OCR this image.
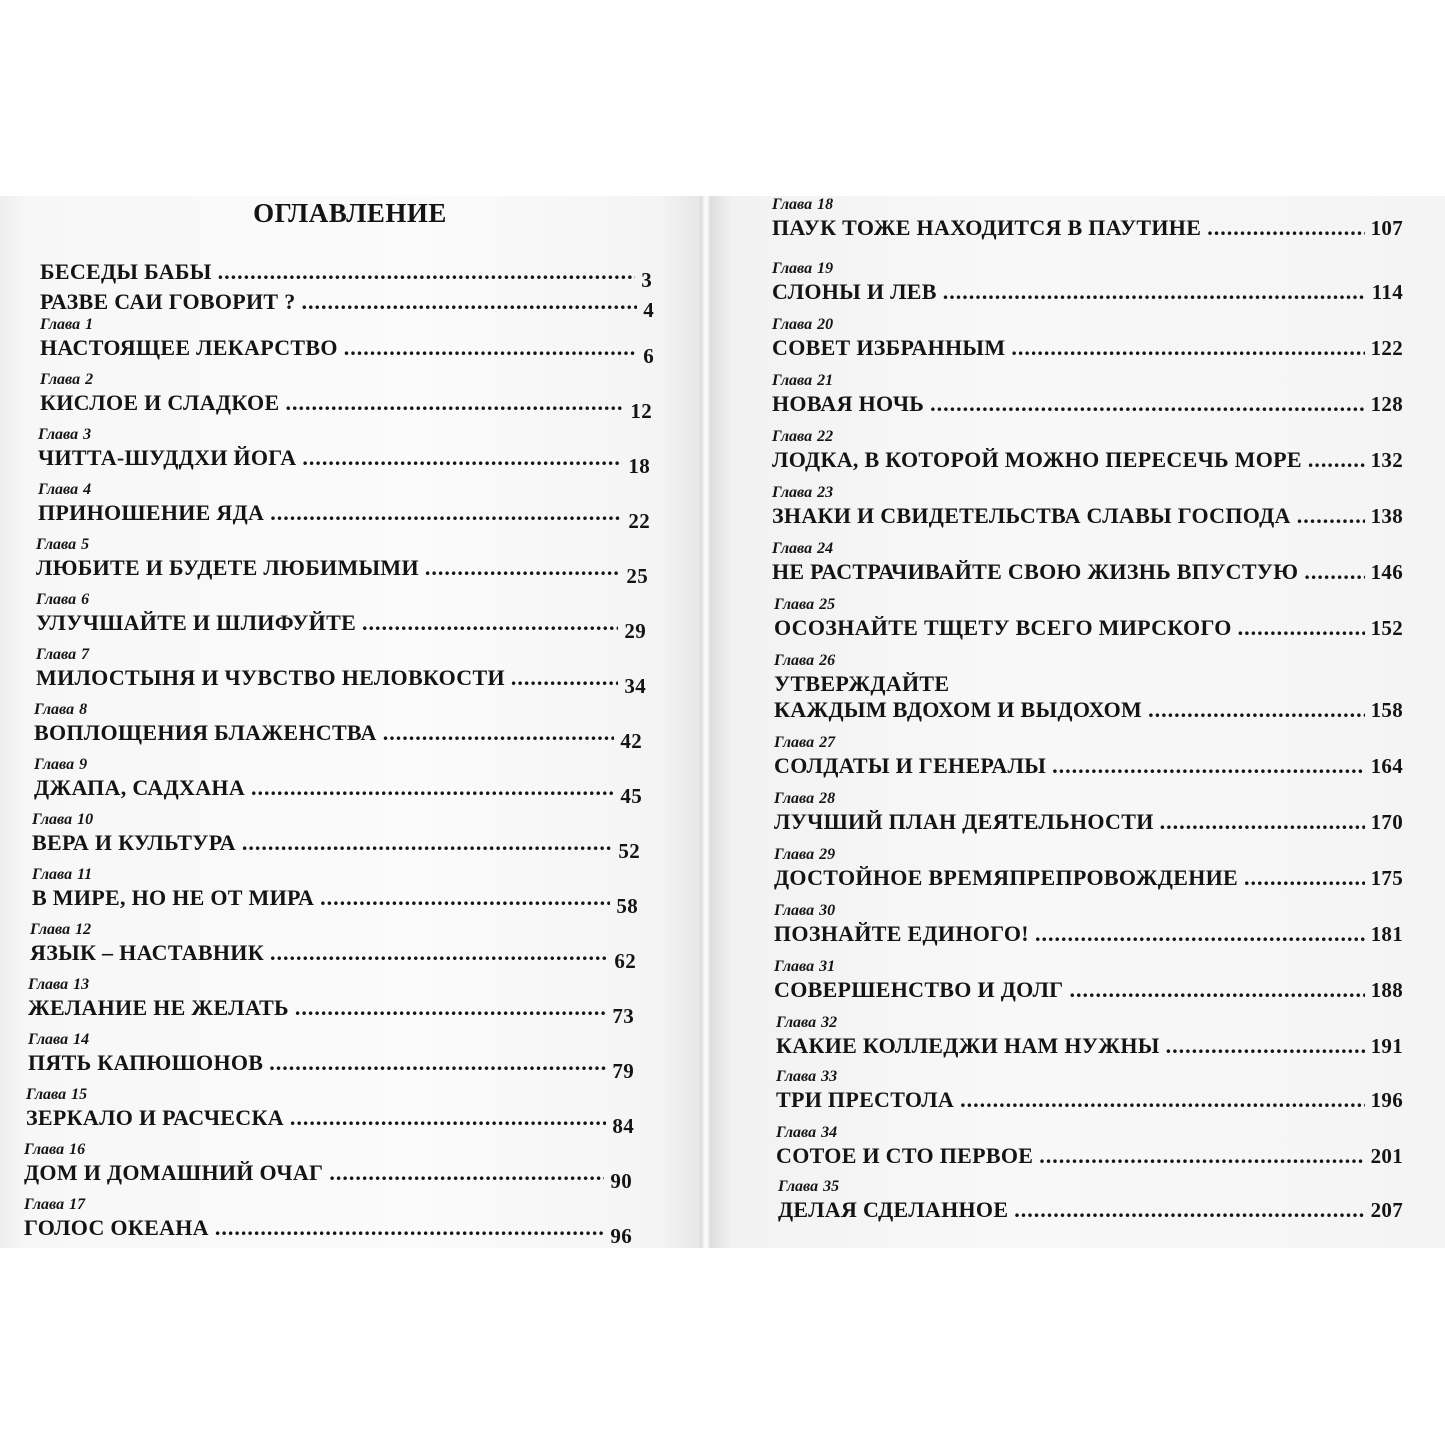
ОГЛАВЛЕНИЕ
БЕСЕДЫ БАБЫ .....	3
РАЗВЕ САИ ГОВОРИТ ? .....	4
Глава 1
НАСТОЯЩЕЕ ЛЕКАРСТВО .....	6
Глава 2
КИСЛОЕ И СЛАДКОЕ .....	12
Глава 3
ЧИТТА-ШУДДХИ ЙОГА .....	18
Глава 4
ПРИНОШЕНИЕ ЯДА .....	22
Глава 5
ЛЮБИТЕ И БУДЕТЕ ЛЮБИМЫМИ .....	25
Глава 6
УЛУЧШАЙТЕ И ШЛИФУЙТЕ .....	29
Глава 7
МИЛОСТЫНЯ И ЧУВСТВО НЕЛОВКОСТИ .....	34
Глава 8
ВОПЛОЩЕНИЯ БЛАЖЕНСТВА .....	42
Глава 9
ДЖАПА, САДХАНА .....	45
Глава 10
ВЕРА И КУЛЬТУРА .....	52
Глава 11
В МИРЕ, НО НЕ ОТ МИРА .....	58
Глава 12
ЯЗЫК – НАСТАВНИК .....	62
Глава 13
ЖЕЛАНИЕ НЕ ЖЕЛАТЬ .....	73
Глава 14
ПЯТЬ КАПЮШОНОВ .....	79
Глава 15
ЗЕРКАЛО И РАСЧЕСКА .....	84
Глава 16
ДОМ И ДОМАШНИЙ ОЧАГ .....	90
Глава 17
ГОЛОС ОКЕАНА .....	96
Глава 18
ПАУК ТОЖЕ НАХОДИТСЯ В ПАУТИНЕ .....	107
Глава 19
СЛОНЫ И ЛЕВ .....	114
Глава 20
СОВЕТ ИЗБРАННЫМ .....	122
Глава 21
НОВАЯ НОЧЬ .....	128
Глава 22
ЛОДКА, В КОТОРОЙ МОЖНО ПЕРЕСЕЧЬ МОРЕ .....	132
Глава 23
ЗНАКИ И СВИДЕТЕЛЬСТВА СЛАВЫ ГОСПОДА .....	138
Глава 24
НЕ РАСТРАЧИВАЙТЕ СВОЮ ЖИЗНЬ ВПУСТУЮ .....	146
Глава 25
ОСОЗНАЙТЕ ТЩЕТУ ВСЕГО МИРСКОГО .....	152
Глава 26
УТВЕРЖДАЙТЕ
КАЖДЫМ ВДОХОМ И ВЫДОХОМ .....	158
Глава 27
СОЛДАТЫ И ГЕНЕРАЛЫ .....	164
Глава 28
ЛУЧШИЙ ПЛАН ДЕЯТЕЛЬНОСТИ .....	170
Глава 29
ДОСТОЙНОЕ ВРЕМЯПРЕПРОВОЖДЕНИЕ .....	175
Глава 30
ПОЗНАЙТЕ ЕДИНОГО! .....	181
Глава 31
СОВЕРШЕНСТВО И ДОЛГ .....	188
Глава 32
КАКИЕ КОЛЛЕДЖИ НАМ НУЖНЫ .....	191
Глава 33
ТРИ ПРЕСТОЛА .....	196
Глава 34
СОТОЕ И СТО ПЕРВОЕ .....	201
Глава 35
ДЕЛАЯ СДЕЛАННОЕ .....	207
